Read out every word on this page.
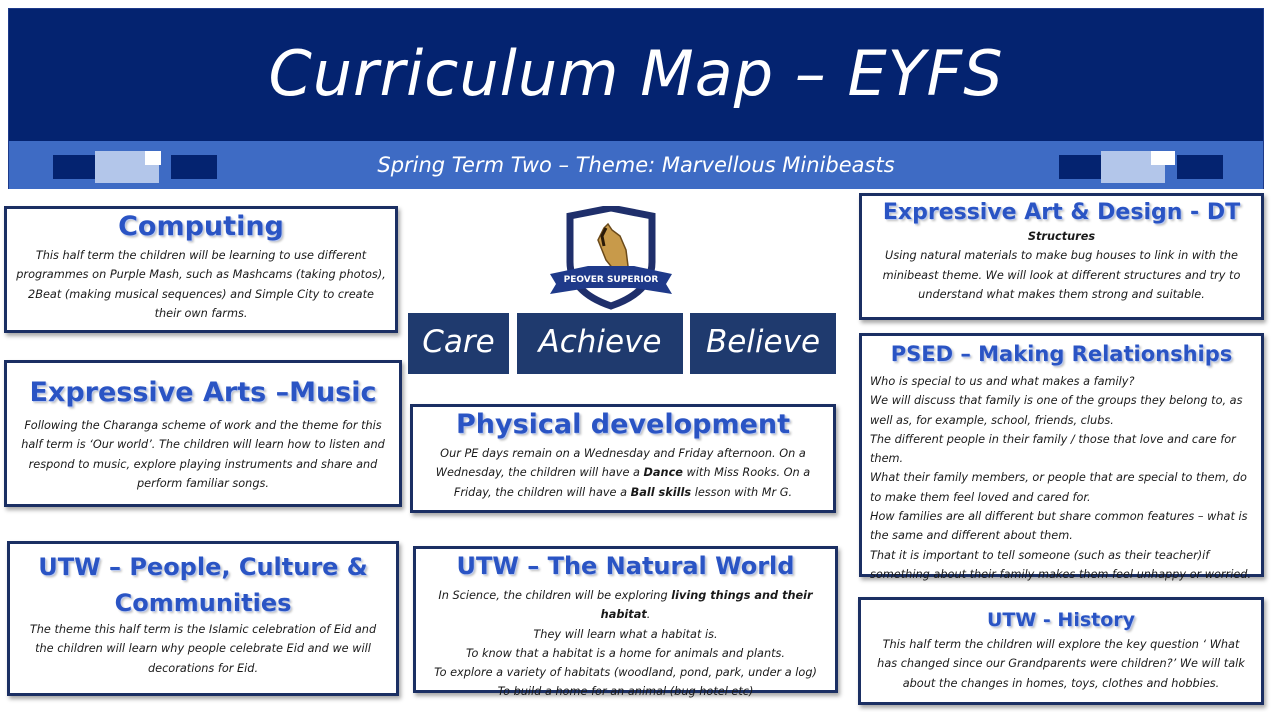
Curriculum Map – EYFS
Spring Term Two – Theme: Marvellous Minibeasts
Computing
This half term the children will be learning to use different programmes on Purple Mash, such as Mashcams (taking photos), 2Beat (making musical sequences) and Simple City to create their own farms.
Expressive Arts –Music
Following the Charanga scheme of work and the theme for this half term is ‘Our world’. The children will learn how to listen and respond to music, explore playing instruments and share and perform familiar songs.
UTW – People, Culture &
Communities
The theme this half term is the Islamic celebration of Eid and the children will learn why people celebrate Eid and we will decorations for Eid.
PEOVER SUPERIOR
Care	Achieve	Believe
Physical development
Our PE days remain on a Wednesday and Friday afternoon. On a Wednesday, the children will have a Dance with Miss Rooks. On a Friday, the children will have a Ball skills lesson with Mr G.
UTW – The Natural World
In Science, the children will be exploring living things and their habitat.
They will learn what a habitat is.
To know that a habitat is a home for animals and plants.
To explore a variety of habitats (woodland, pond, park, under a log)
To build a home for an animal (bug hotel etc)
Expressive Art & Design - DT
Structures
Using natural materials to make bug houses to link in with the minibeast theme. We will look at different structures and try to understand what makes them strong and suitable.
PSED – Making Relationships
Who is special to us and what makes a family?
We will discuss that family is one of the groups they belong to, as well as, for example, school, friends, clubs.
The different people in their family / those that love and care for them.
What their family members, or people that are special to them, do to make them feel loved and cared for.
How families are all different but share common features – what is the same and different about them.
That it is important to tell someone (such as their teacher)if something about their family makes them feel unhappy or worried.
UTW - History
This half term the children will explore the key question ‘ What has changed since our Grandparents were children?’ We will talk about the changes in homes, toys, clothes and hobbies.
